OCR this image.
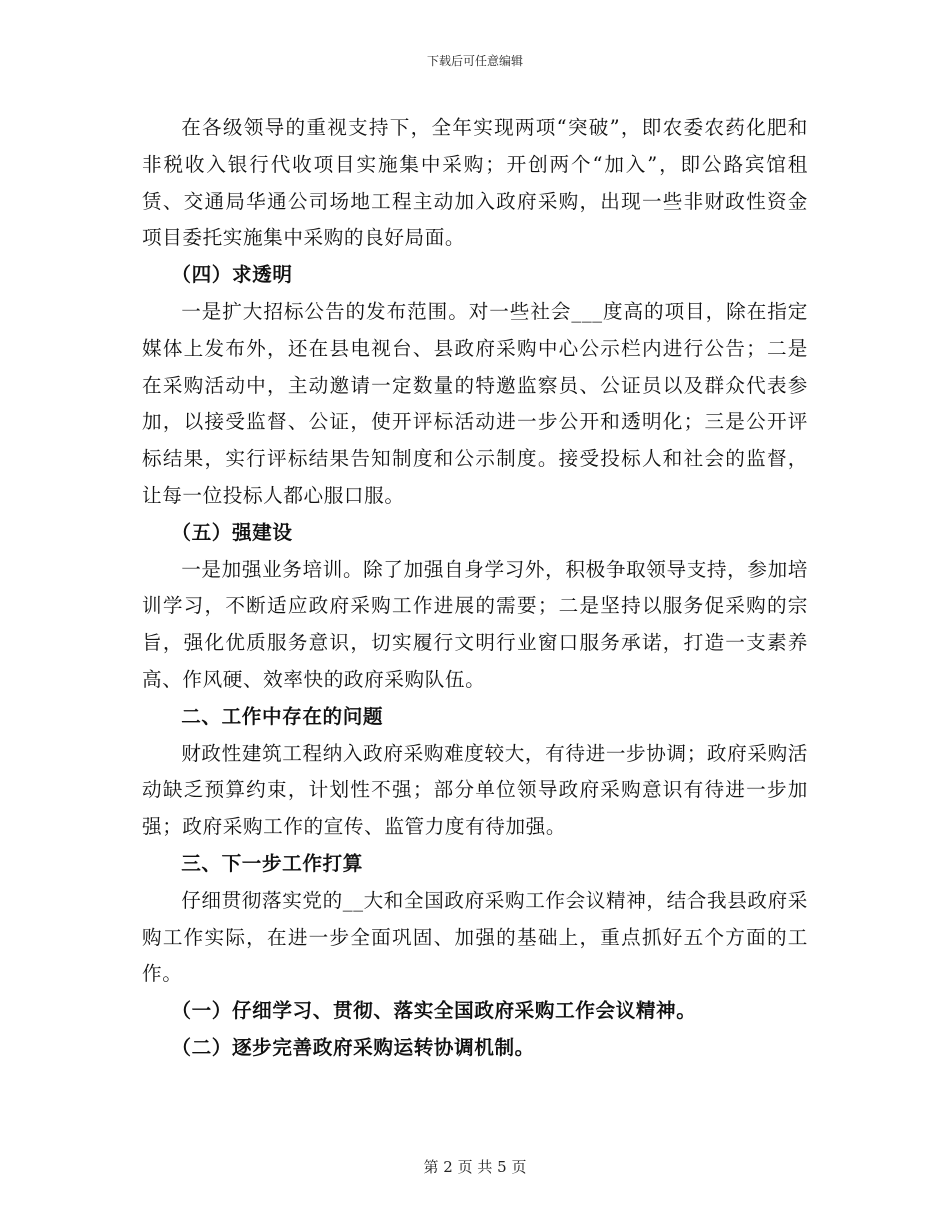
下载后可任意编辑

在各级领导的重视支持下，全年实现两项“突破”，即农委农药化肥和非税收入银行代收项目实施集中采购；开创两个“加入”，即公路宾馆租赁、交通局华通公司场地工程主动加入政府采购，出现一些非财政性资金项目委托实施集中采购的良好局面。

（四）求透明

一是扩大招标公告的发布范围。对一些社会___度高的项目，除在指定媒体上发布外，还在县电视台、县政府采购中心公示栏内进行公告；二是在采购活动中，主动邀请一定数量的特邀监察员、公证员以及群众代表参加，以接受监督、公证，使开评标活动进一步公开和透明化；三是公开评标结果，实行评标结果告知制度和公示制度。接受投标人和社会的监督，让每一位投标人都心服口服。

（五）强建设

一是加强业务培训。除了加强自身学习外，积极争取领导支持，参加培训学习，不断适应政府采购工作进展的需要；二是坚持以服务促采购的宗旨，强化优质服务意识，切实履行文明行业窗口服务承诺，打造一支素养高、作风硬、效率快的政府采购队伍。

二、工作中存在的问题

财政性建筑工程纳入政府采购难度较大，有待进一步协调；政府采购活动缺乏预算约束，计划性不强；部分单位领导政府采购意识有待进一步加强；政府采购工作的宣传、监管力度有待加强。

三、下一步工作打算

仔细贯彻落实党的__大和全国政府采购工作会议精神，结合我县政府采购工作实际，在进一步全面巩固、加强的基础上，重点抓好五个方面的工作。

（一）仔细学习、贯彻、落实全国政府采购工作会议精神。

（二）逐步完善政府采购运转协调机制。

第 2 页 共 5 页
